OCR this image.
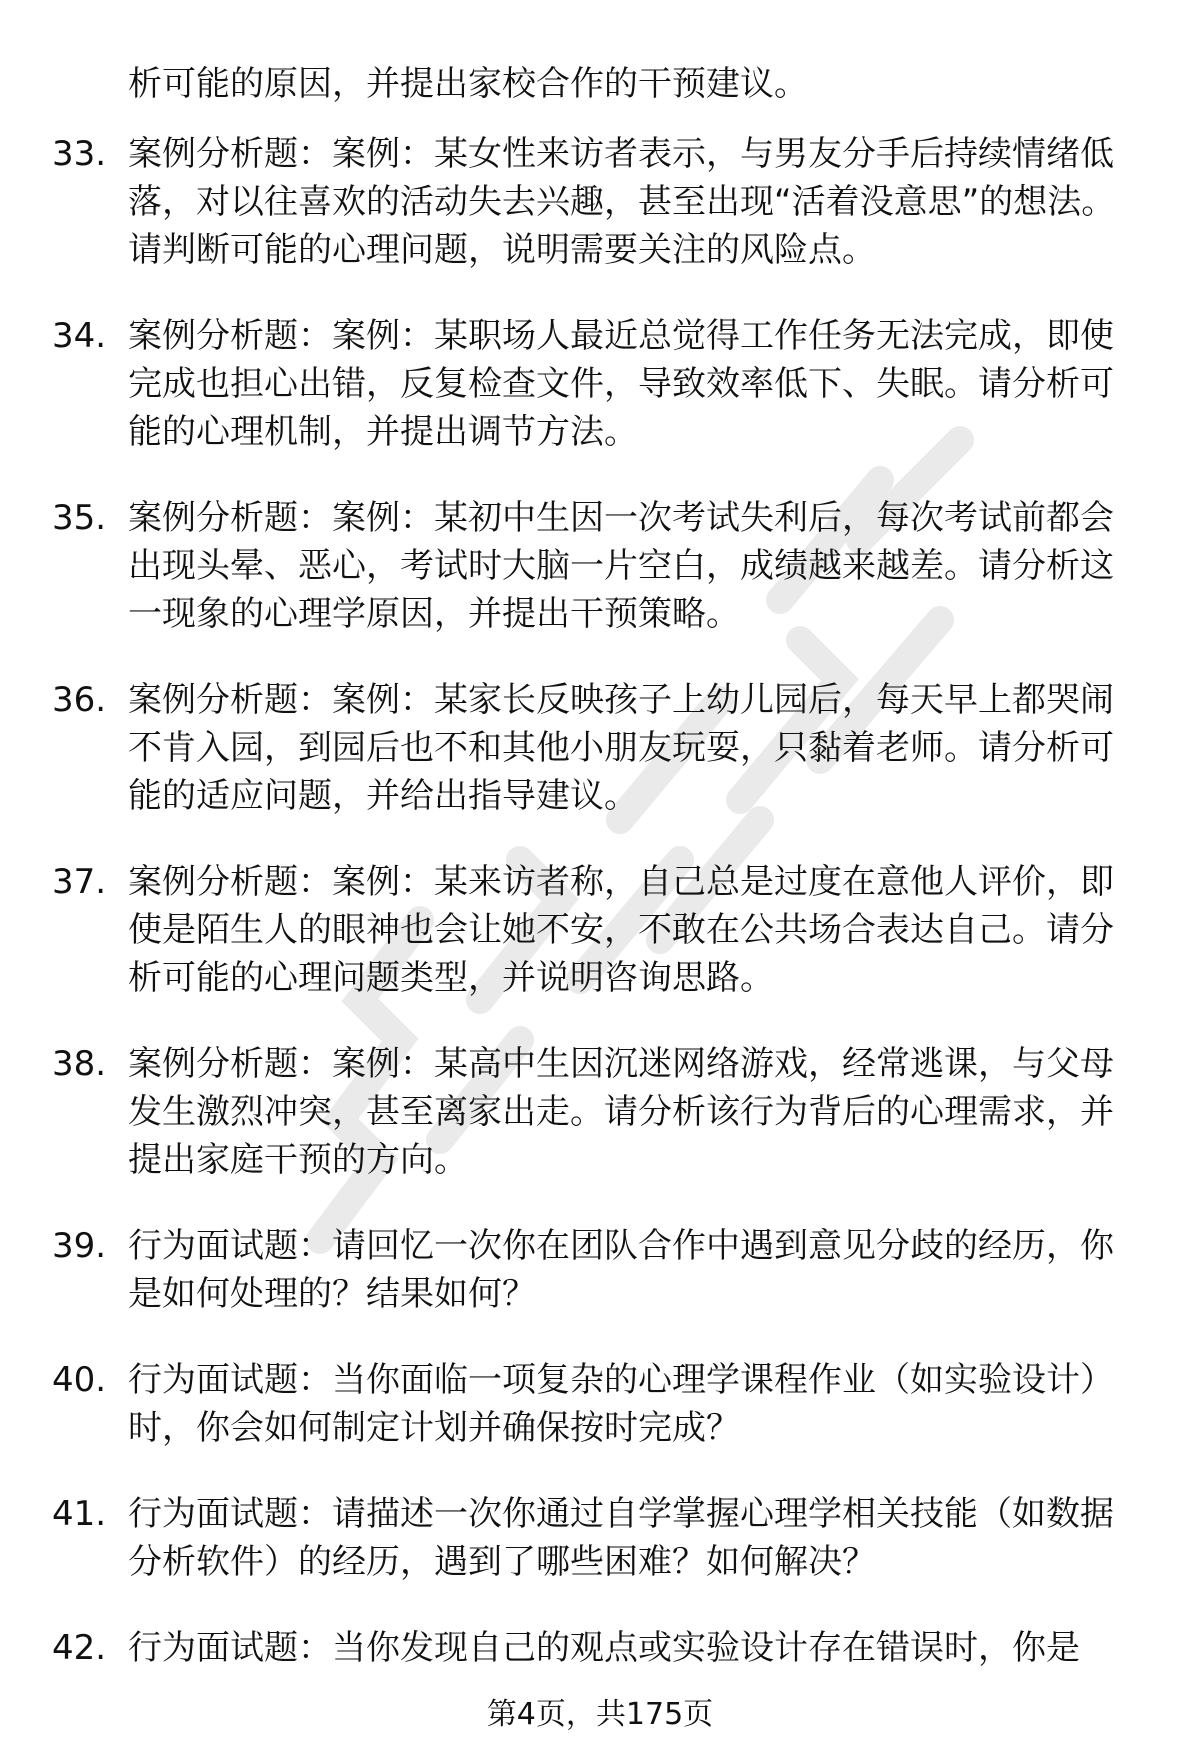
析可能的原因，并提出家校合作的干预建议。
33. 案例分析题：案例：某女性来访者表示，与男友分手后持续情绪低落，对以往喜欢的活动失去兴趣，甚至出现“活着没意思”的想法。请判断可能的心理问题，说明需要关注的风险点。
34. 案例分析题：案例：某职场人最近总觉得工作任务无法完成，即使完成也担心出错，反复检查文件，导致效率低下、失眠。请分析可能的心理机制，并提出调节方法。
35. 案例分析题：案例：某初中生因一次考试失利后，每次考试前都会出现头晕、恶心，考试时大脑一片空白，成绩越来越差。请分析这一现象的心理学原因，并提出干预策略。
36. 案例分析题：案例：某家长反映孩子上幼儿园后，每天早上都哭闹不肯入园，到园后也不和其他小朋友玩耍，只黏着老师。请分析可能的适应问题，并给出指导建议。
37. 案例分析题：案例：某来访者称，自己总是过度在意他人评价，即使是陌生人的眼神也会让她不安，不敢在公共场合表达自己。请分析可能的心理问题类型，并说明咨询思路。
38. 案例分析题：案例：某高中生因沉迷网络游戏，经常逃课，与父母发生激烈冲突，甚至离家出走。请分析该行为背后的心理需求，并提出家庭干预的方向。
39. 行为面试题：请回忆一次你在团队合作中遇到意见分歧的经历，你是如何处理的？结果如何？
40. 行为面试题：当你面临一项复杂的心理学课程作业（如实验设计）时，你会如何制定计划并确保按时完成？
41. 行为面试题：请描述一次你通过自学掌握心理学相关技能（如数据分析软件）的经历，遇到了哪些困难？如何解决？
42. 行为面试题：当你发现自己的观点或实验设计存在错误时，你是
第4页，共175页
